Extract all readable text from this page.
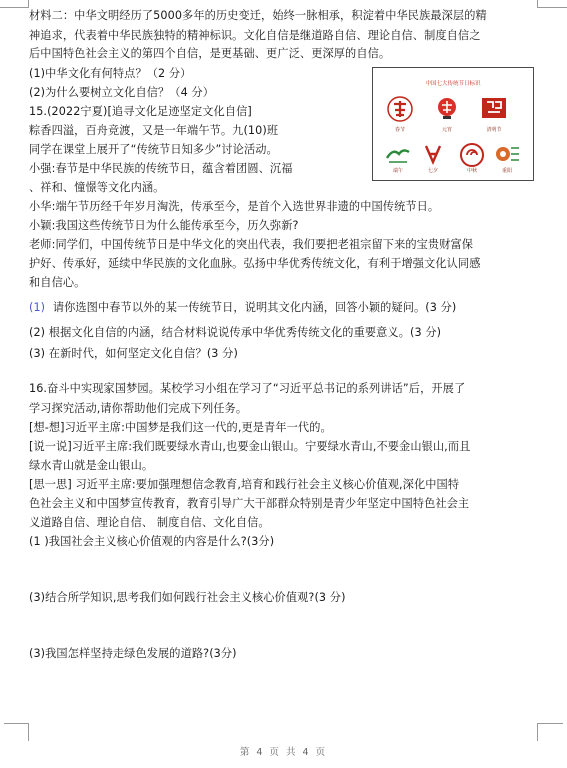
材料二：中华文明经历了5000多年的历史变迁，始终一脉相承，积淀着中华民族最深层的精
神追求，代表着中华民族独特的精神标识。文化自信是继道路自信、理论自信、制度自信之
后中国特色社会主义的第四个自信，是更基础、更广泛、更深厚的自信。
(1)中华文化有何特点？（2 分）
(2)为什么要树立文化自信？（4 分）
15.(2022宁夏)[追寻文化足迹坚定文化自信]
粽香四溢，百舟竞渡，又是一年端午节。九(10)班
同学在课堂上展开了“传统节日知多少”讨论活动。
小强:春节是中华民族的传统节日，蕴含着团圆、沉福
、祥和、憧憬等文化内涵。
小华:端午节历经千年岁月淘洗，传承至今，是首个入选世界非遗的中国传统节日。
小颖:我国这些传统节日为什么能传承至今，历久弥新?
老师:同学们，中国传统节日是中华文化的突出代表，我们要把老祖宗留下来的宝贵财富保
护好、传承好，延续中华民族的文化血脉。弘扬中华优秀传统文化，有利于增强文化认同感
和自信心。
(1) 请你选图中春节以外的某一传统节日，说明其文化内涵，回答小颖的疑问。(3 分)
(2) 根据文化自信的内涵，结合材料说说传承中华优秀传统文化的重要意义。(3 分)
(3) 在新时代，如何坚定文化自信？(3 分)
16.奋斗中实现家国梦园。某校学习小组在学习了“习近平总书记的系列讲话”后，开展了
学习探究活动,请你帮助他们完成下列任务。
[想-想]习近平主席:中国梦是我们这一代的,更是青年一代的。
[说一说]习近平主席:我们既要绿水青山,也要金山银山。宁要绿水青山,不要金山银山,而且
绿水青山就是金山银山。
[思一思] 习近平主席:要加强理想信念教育,培育和践行社会主义核心价值观,深化中国特
色社会主义和中国梦宣传教育，教育引导广大干部群众特别是青少年坚定中国特色社会主
义道路自信、理论自信、 制度自信、文化自信。
(1 )我国社会主义核心价值观的内容是什么?(3分)
(3)结合所学知识,思考我们如何践行社会主义核心价值观?(3 分)
(3)我国怎样坚持走绿色发展的道路?(3分)
中国七大传统节日标识
春节	元宵	清明节
端午	七夕	中秋	重阳
第 4 页 共 4 页
